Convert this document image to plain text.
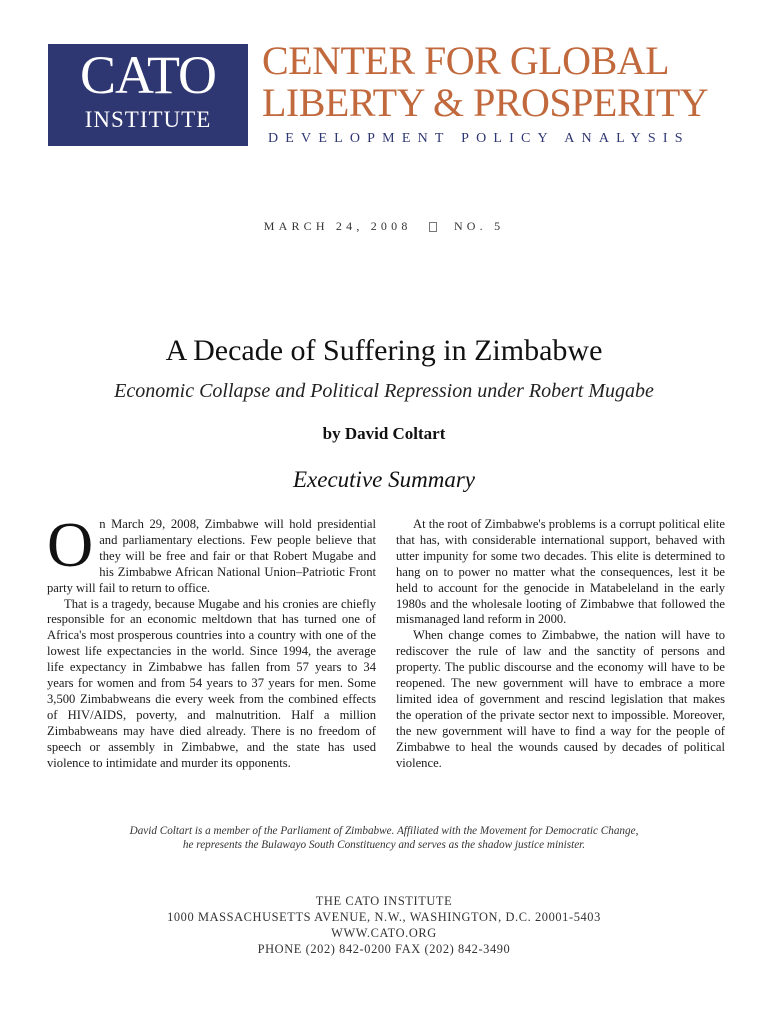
CATO
INSTITUTE
CENTER FOR GLOBAL
LIBERTY & PROSPERITY
DEVELOPMENT POLICY ANALYSIS
MARCH 24, 2008	NO. 5
A Decade of Suffering in Zimbabwe
Economic Collapse and Political Repression under Robert Mugabe
by David Coltart
Executive Summary

On March 29, 2008, Zimbabwe will hold presidential and parliamentary elections. Few people believe that they will be free and fair or that Robert Mugabe and his Zimbabwe African National Union–Patriotic Front party will fail to return to office.

That is a tragedy, because Mugabe and his cronies are chiefly responsible for an economic meltdown that has turned one of Africa's most prosperous countries into a country with one of the lowest life expectancies in the world. Since 1994, the average life expectancy in Zimbabwe has fallen from 57 years to 34 years for women and from 54 years to 37 years for men. Some 3,500 Zimbabweans die every week from the combined effects of HIV/AIDS, poverty, and malnutrition. Half a million Zimbabweans may have died already. There is no freedom of speech or assembly in Zimbabwe, and the state has used violence to intimidate and murder its opponents.

At the root of Zimbabwe's problems is a corrupt political elite that has, with considerable international support, behaved with utter impunity for some two decades. This elite is determined to hang on to power no matter what the consequences, lest it be held to account for the genocide in Matabeleland in the early 1980s and the wholesale looting of Zimbabwe that followed the mismanaged land reform in 2000.

When change comes to Zimbabwe, the nation will have to rediscover the rule of law and the sanctity of persons and property. The public discourse and the economy will have to be reopened. The new government will have to embrace a more limited idea of government and rescind legislation that makes the operation of the private sector next to impossible. Moreover, the new government will have to find a way for the people of Zimbabwe to heal the wounds caused by decades of political violence.

David Coltart is a member of the Parliament of Zimbabwe. Affiliated with the Movement for Democratic Change,
he represents the Bulawayo South Constituency and serves as the shadow justice minister.
THE CATO INSTITUTE
1000 MASSACHUSETTS AVENUE, N.W., WASHINGTON, D.C. 20001-5403
WWW.CATO.ORG
PHONE (202) 842-0200 FAX (202) 842-3490
